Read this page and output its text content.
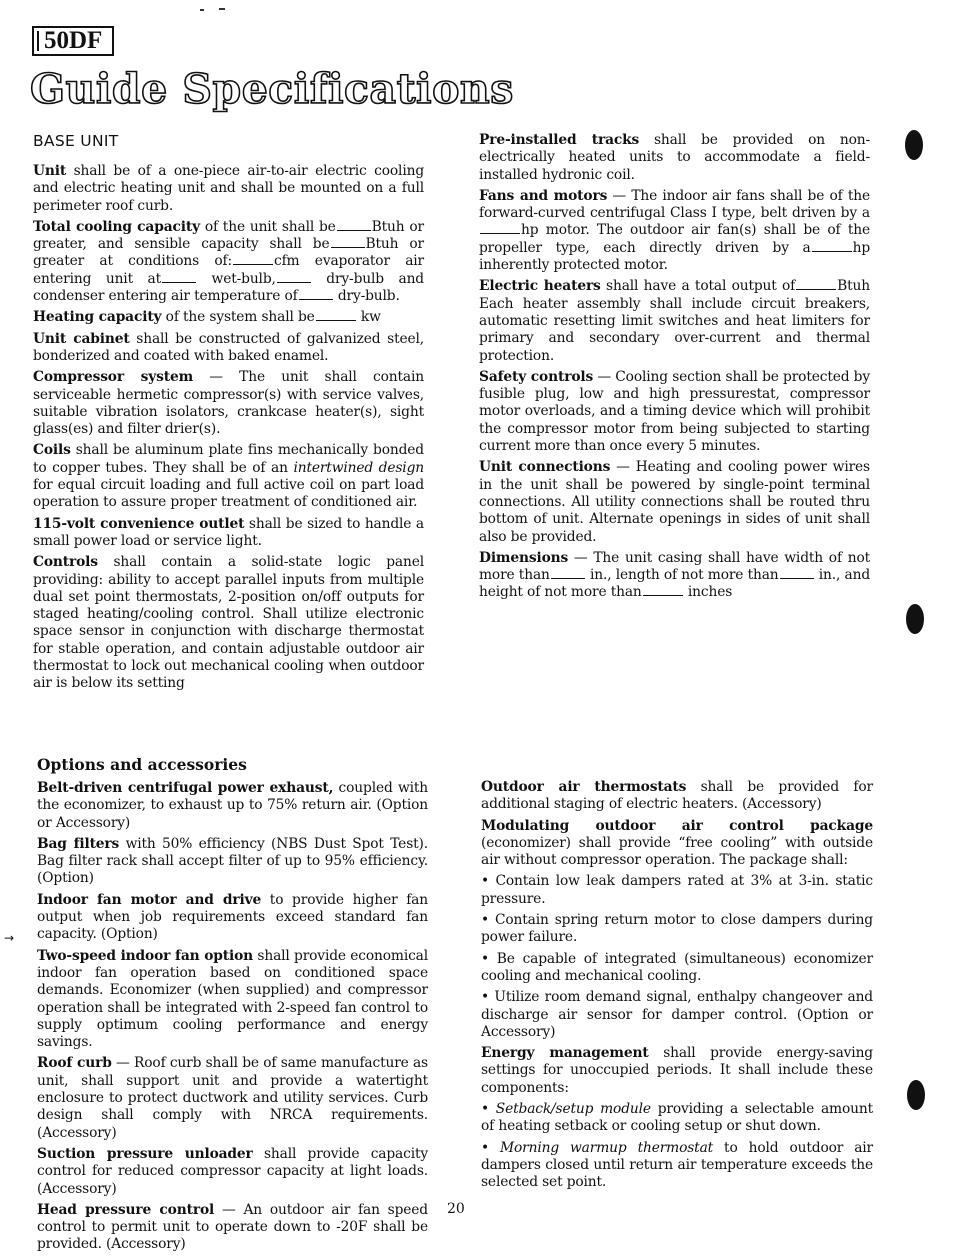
50DF
Guide Specifications
BASE UNIT

Unit shall be of a one-piece air-to-air electric cooling and electric heating unit and shall be mounted on a full perimeter roof curb.

Total cooling capacity of the unit shall be	Btuh or greater, and sensible capacity shall be	Btuh or greater at conditions of:	cfm evaporator air entering unit at	wet-bulb,	dry-bulb and condenser entering air temperature of	dry-bulb.

Heating capacity of the system shall be	kw

Unit cabinet shall be constructed of galvanized steel, bonderized and coated with baked enamel.

Compressor system — The unit shall contain serviceable hermetic compressor(s) with service valves, suitable vibration isolators, crankcase heater(s), sight glass(es) and filter drier(s).

Coils shall be aluminum plate fins mechanically bonded to copper tubes. They shall be of an intertwined design for equal circuit loading and full active coil on part load operation to assure proper treatment of conditioned air.

115-volt convenience outlet shall be sized to handle a small power load or service light.

Controls shall contain a solid-state logic panel providing: ability to accept parallel inputs from multiple dual set point thermostats, 2-position on/off outputs for staged heating/cooling control. Shall utilize electronic space sensor in conjunction with discharge thermostat for stable operation, and contain adjustable outdoor air thermostat to lock out mechanical cooling when outdoor air is below its setting

Pre-installed tracks shall be provided on non-electrically heated units to accommodate a field-installed hydronic coil.

Fans and motors — The indoor air fans shall be of the forward-curved centrifugal Class I type, belt driven by ahp motor. The outdoor air fan(s) shall be of the propeller type, each directly driven by a	hp inherently protected motor.

Electric heaters shall have a total output of	Btuh Each heater assembly shall include circuit breakers, automatic resetting limit switches and heat limiters for primary and secondary over-current and thermal protection.

Safety controls — Cooling section shall be protected by fusible plug, low and high pressurestat, compressor motor overloads, and a timing device which will prohibit the compressor motor from being subjected to starting current more than once every 5 minutes.

Unit connections — Heating and cooling power wires in the unit shall be powered by single-point terminal connections. All utility connections shall be routed thru bottom of unit. Alternate openings in sides of unit shall also be provided.

Dimensions — The unit casing shall have width of not more than	in., length of not more than	in., and height of not more than	inches

Options and accessories
→

Belt-driven centrifugal power exhaust, coupled with the economizer, to exhaust up to 75% return air. (Option or Accessory)

Bag filters with 50% efficiency (NBS Dust Spot Test). Bag filter rack shall accept filter of up to 95% efficiency. (Option)

Indoor fan motor and drive to provide higher fan output when job requirements exceed standard fan capacity. (Option)

Two-speed indoor fan option shall provide economical indoor fan operation based on conditioned space demands. Economizer (when supplied) and compressor operation shall be integrated with 2-speed fan control to supply optimum cooling performance and energy savings.

Roof curb — Roof curb shall be of same manufacture as unit, shall support unit and provide a watertight enclosure to protect ductwork and utility services. Curb design shall comply with NRCA requirements. (Accessory)

Suction pressure unloader shall provide capacity control for reduced compressor capacity at light loads. (Accessory)

Head pressure control — An outdoor air fan speed control to permit unit to operate down to -20F shall be provided. (Accessory)

Outdoor air thermostats shall be provided for additional staging of electric heaters. (Accessory)

Modulating outdoor air control package (economizer) shall provide “free cooling” with outside air without compressor operation. The package shall:

• Contain low leak dampers rated at 3% at 3-in. static pressure.

• Contain spring return motor to close dampers during power failure.

• Be capable of integrated (simultaneous) economizer cooling and mechanical cooling.

• Utilize room demand signal, enthalpy changeover and discharge air sensor for damper control. (Option or Accessory)

Energy management shall provide energy-saving settings for unoccupied periods. It shall include these components:

• Setback/setup module providing a selectable amount of heating setback or cooling setup or shut down.

• Morning warmup thermostat to hold outdoor air dampers closed until return air temperature exceeds the selected set point.

20
